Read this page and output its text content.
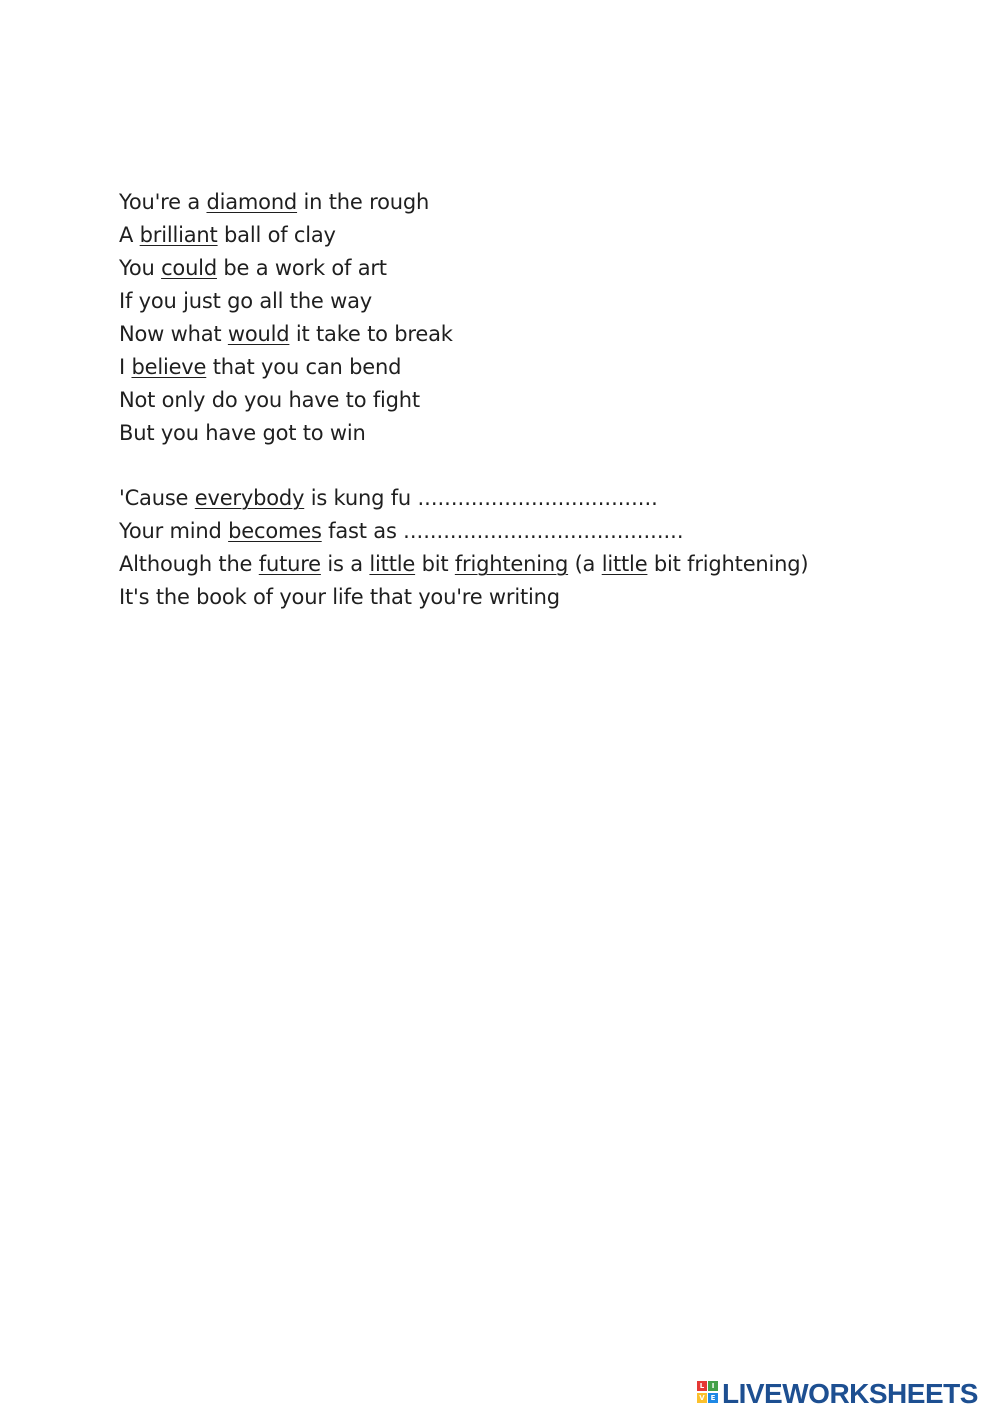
You're a diamond in the rough
A brilliant ball of clay
You could be a work of art
If you just go all the way
Now what would it take to break
I believe that you can bend
Not only do you have to fight
But you have got to win
'Cause everybody is kung fu ....................................
Your mind becomes fast as ..........................................
Although the future is a little bit frightening (a little bit frightening)
It's the book of your life that you're writing
L	I
V E LIVEWORKSHEETS
